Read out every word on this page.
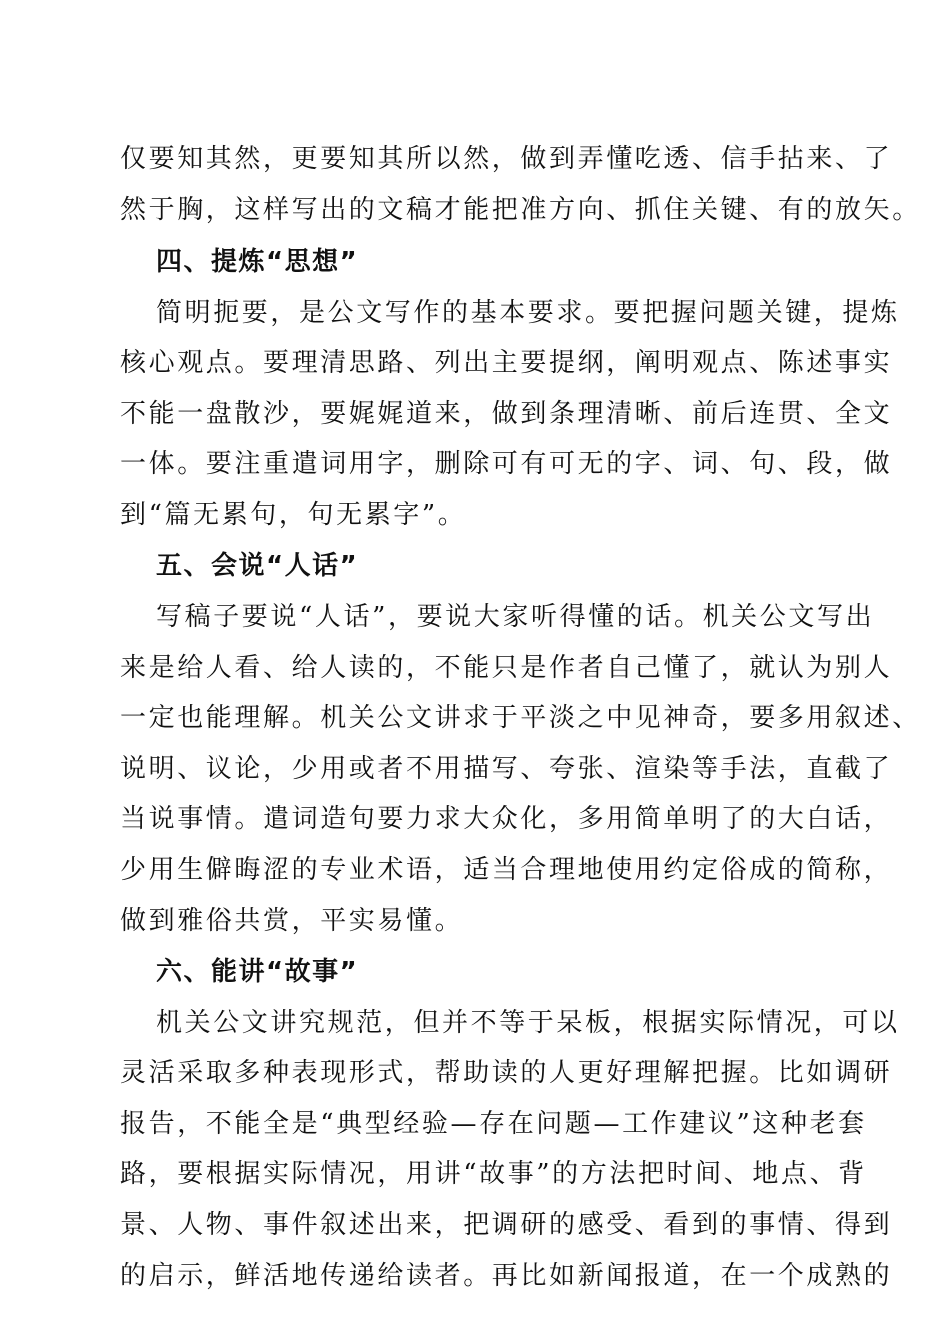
仅要知其然，更要知其所以然，做到弄懂吃透、信手拈来、了
然于胸，这样写出的文稿才能把准方向、抓住关键、有的放矢。
四、提炼“思想”
简明扼要，是公文写作的基本要求。要把握问题关键，提炼
核心观点。要理清思路、列出主要提纲，阐明观点、陈述事实
不能一盘散沙，要娓娓道来，做到条理清晰、前后连贯、全文
一体。要注重遣词用字，删除可有可无的字、词、句、段，做
到“篇无累句，句无累字”。
五、会说“人话”
写稿子要说“人话”，要说大家听得懂的话。机关公文写出
来是给人看、给人读的，不能只是作者自己懂了，就认为别人
一定也能理解。机关公文讲求于平淡之中见神奇，要多用叙述、
说明、议论，少用或者不用描写、夸张、渲染等手法，直截了
当说事情。遣词造句要力求大众化，多用简单明了的大白话，
少用生僻晦涩的专业术语，适当合理地使用约定俗成的简称，
做到雅俗共赏，平实易懂。
六、能讲“故事”
机关公文讲究规范，但并不等于呆板，根据实际情况，可以
灵活采取多种表现形式，帮助读的人更好理解把握。比如调研
报告，不能全是“典型经验—存在问题—工作建议”这种老套
路，要根据实际情况，用讲“故事”的方法把时间、地点、背
景、人物、事件叙述出来，把调研的感受、看到的事情、得到
的启示，鲜活地传递给读者。再比如新闻报道，在一个成熟的
